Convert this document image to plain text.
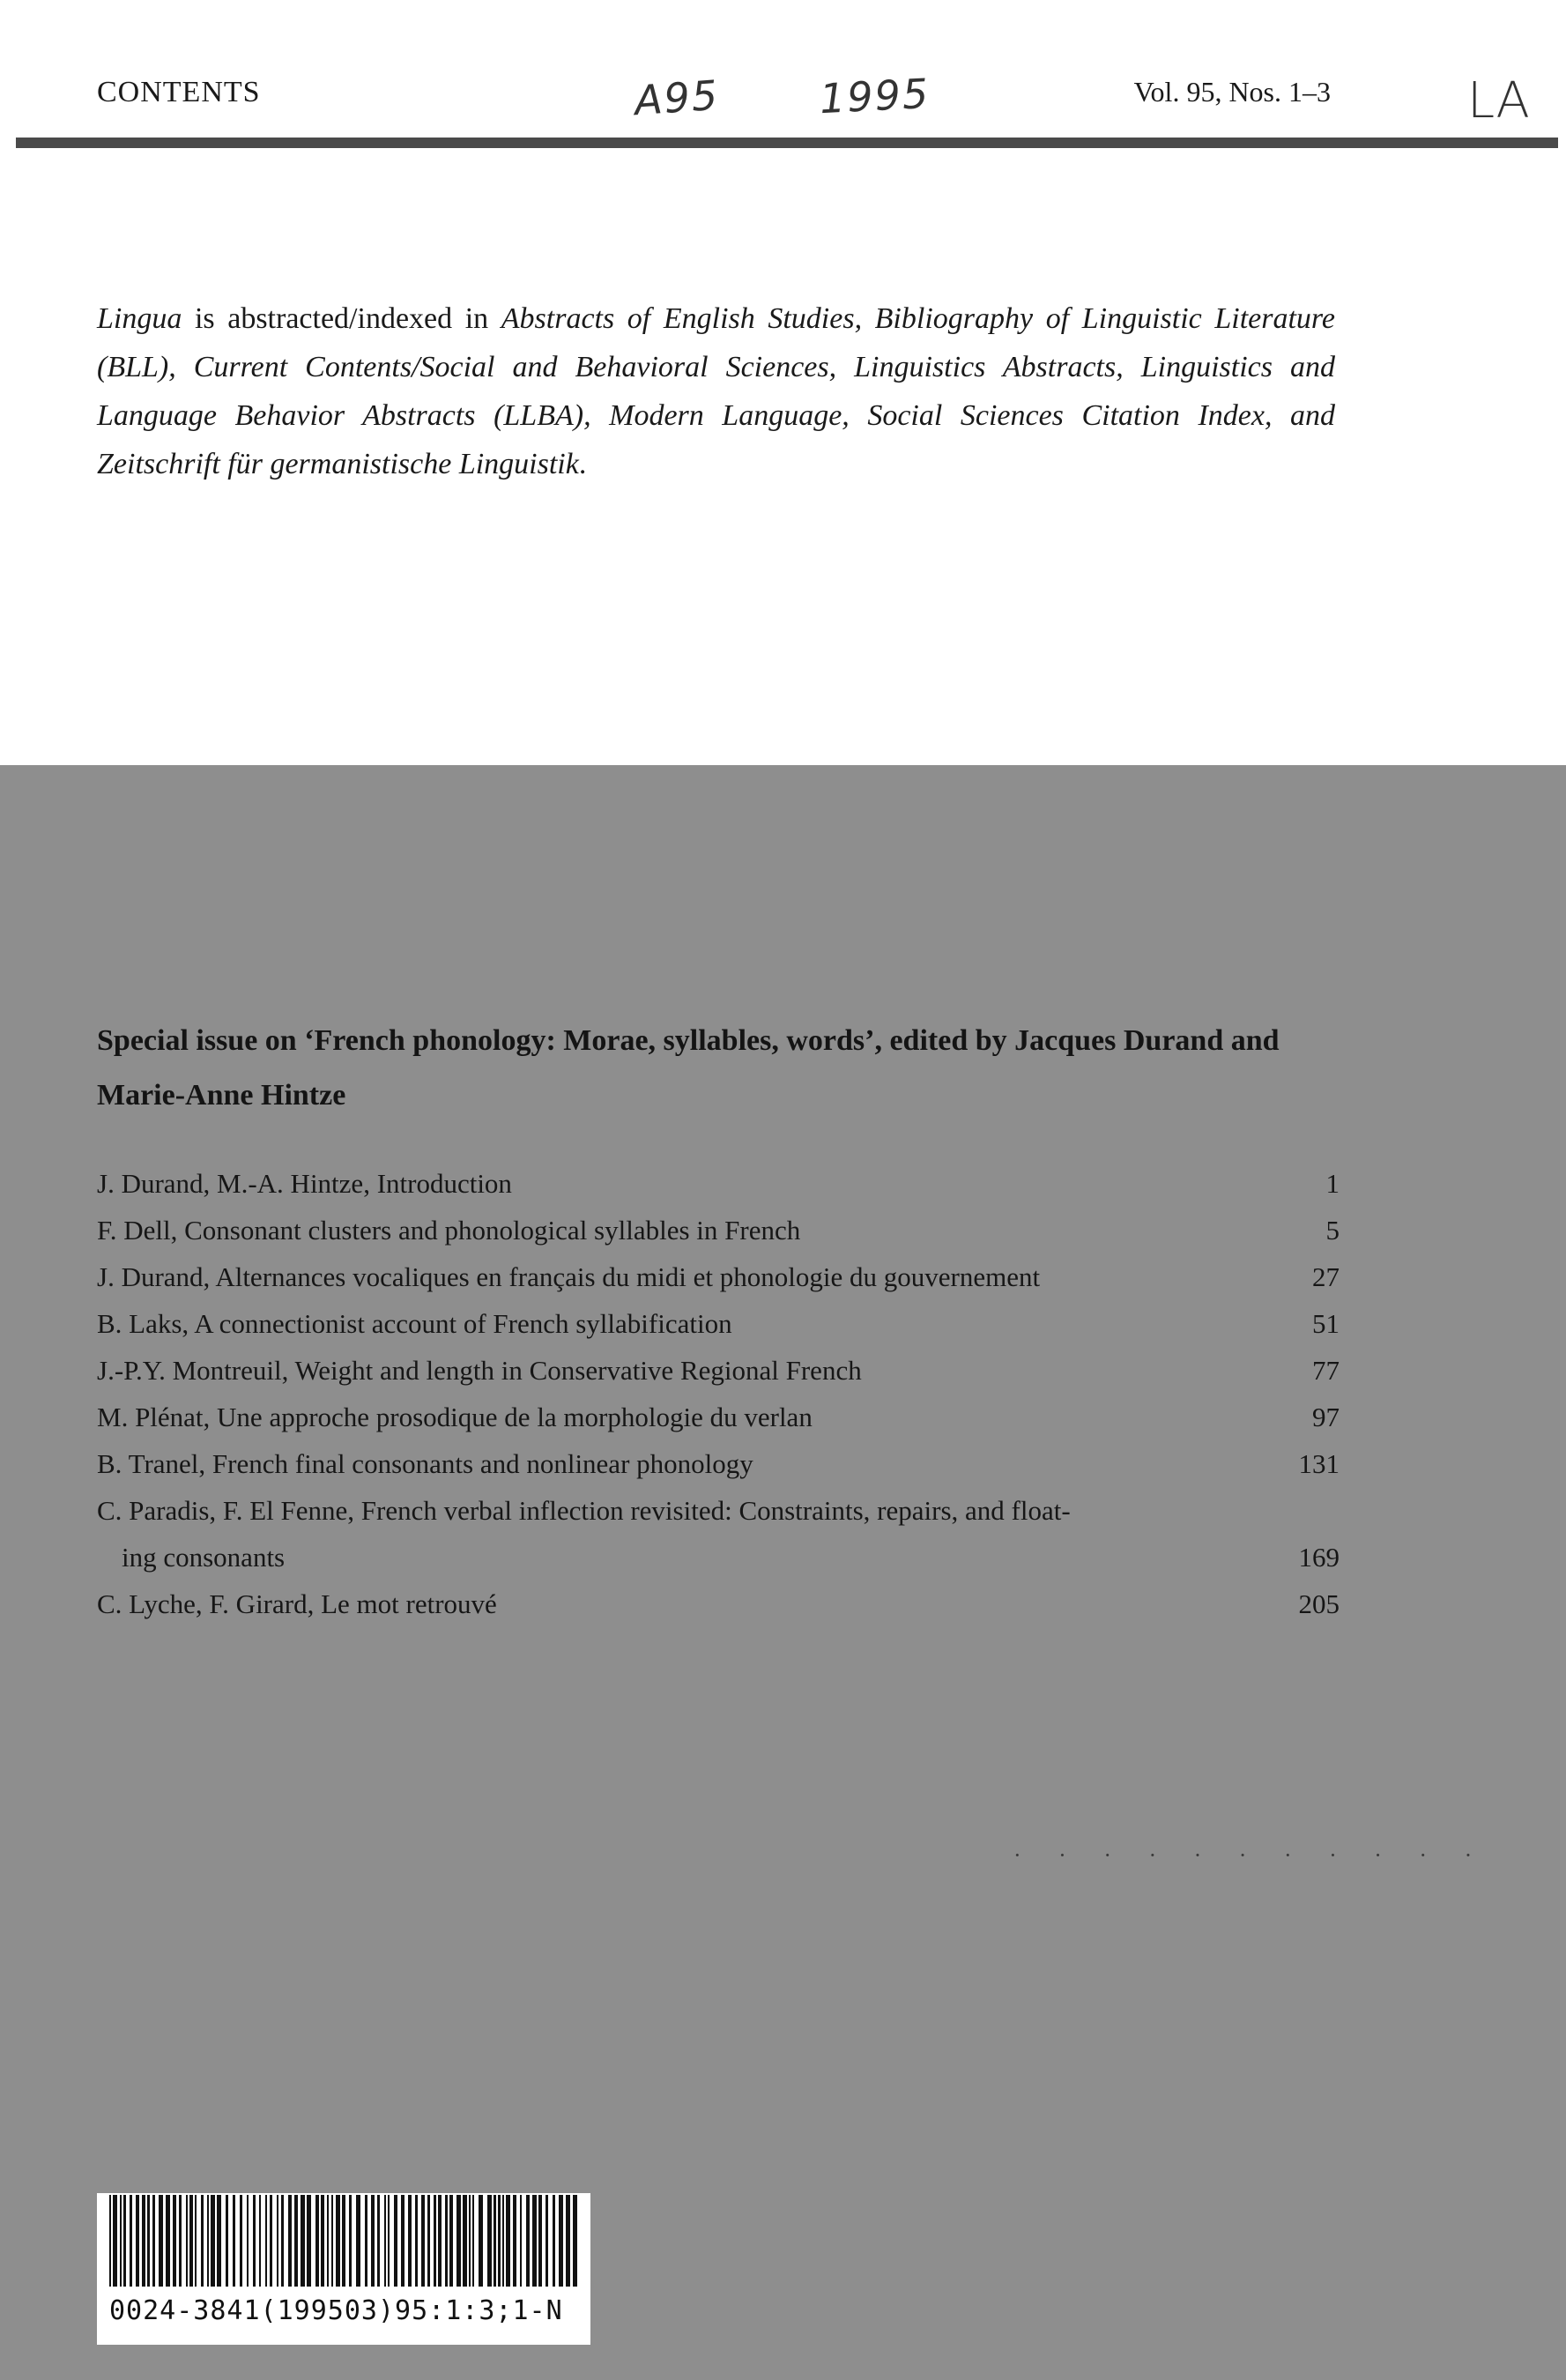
CONTENTS	A95 1995	Vol. 95, Nos. 1–3	LA

Lingua is abstracted/indexed in Abstracts of English Studies, Bibliography of Linguistic Literature (BLL), Current Contents/Social and Behavioral Sciences, Linguistics Abstracts, Linguistics and Language Behavior Abstracts (LLBA), Modern Language, Social Sciences Citation Index, and Zeitschrift für germanistische Linguistik.

Special issue on ‘French phonology: Morae, syllables, words’, edited by Jacques Durand and Marie-Anne Hintze
J. Durand, M.-A. Hintze, Introduction	1
F. Dell, Consonant clusters and phonological syllables in French	5
J. Durand, Alternances vocaliques en français du midi et phonologie du gouvernement	27
B. Laks, A connectionist account of French syllabification	51
J.-P.Y. Montreuil, Weight and length in Conservative Regional French	77
M. Plénat, Une approche prosodique de la morphologie du verlan	97
B. Tranel, French final consonants and nonlinear phonology	131
C. Paradis, F. El Fenne, French verbal inflection revisited: Constraints, repairs, and float-
ing consonants	169
C. Lyche, F. Girard, Le mot retrouvé	205
· · · · · · · · · · ·
0024-3841(199503)95:1:3;1-N
